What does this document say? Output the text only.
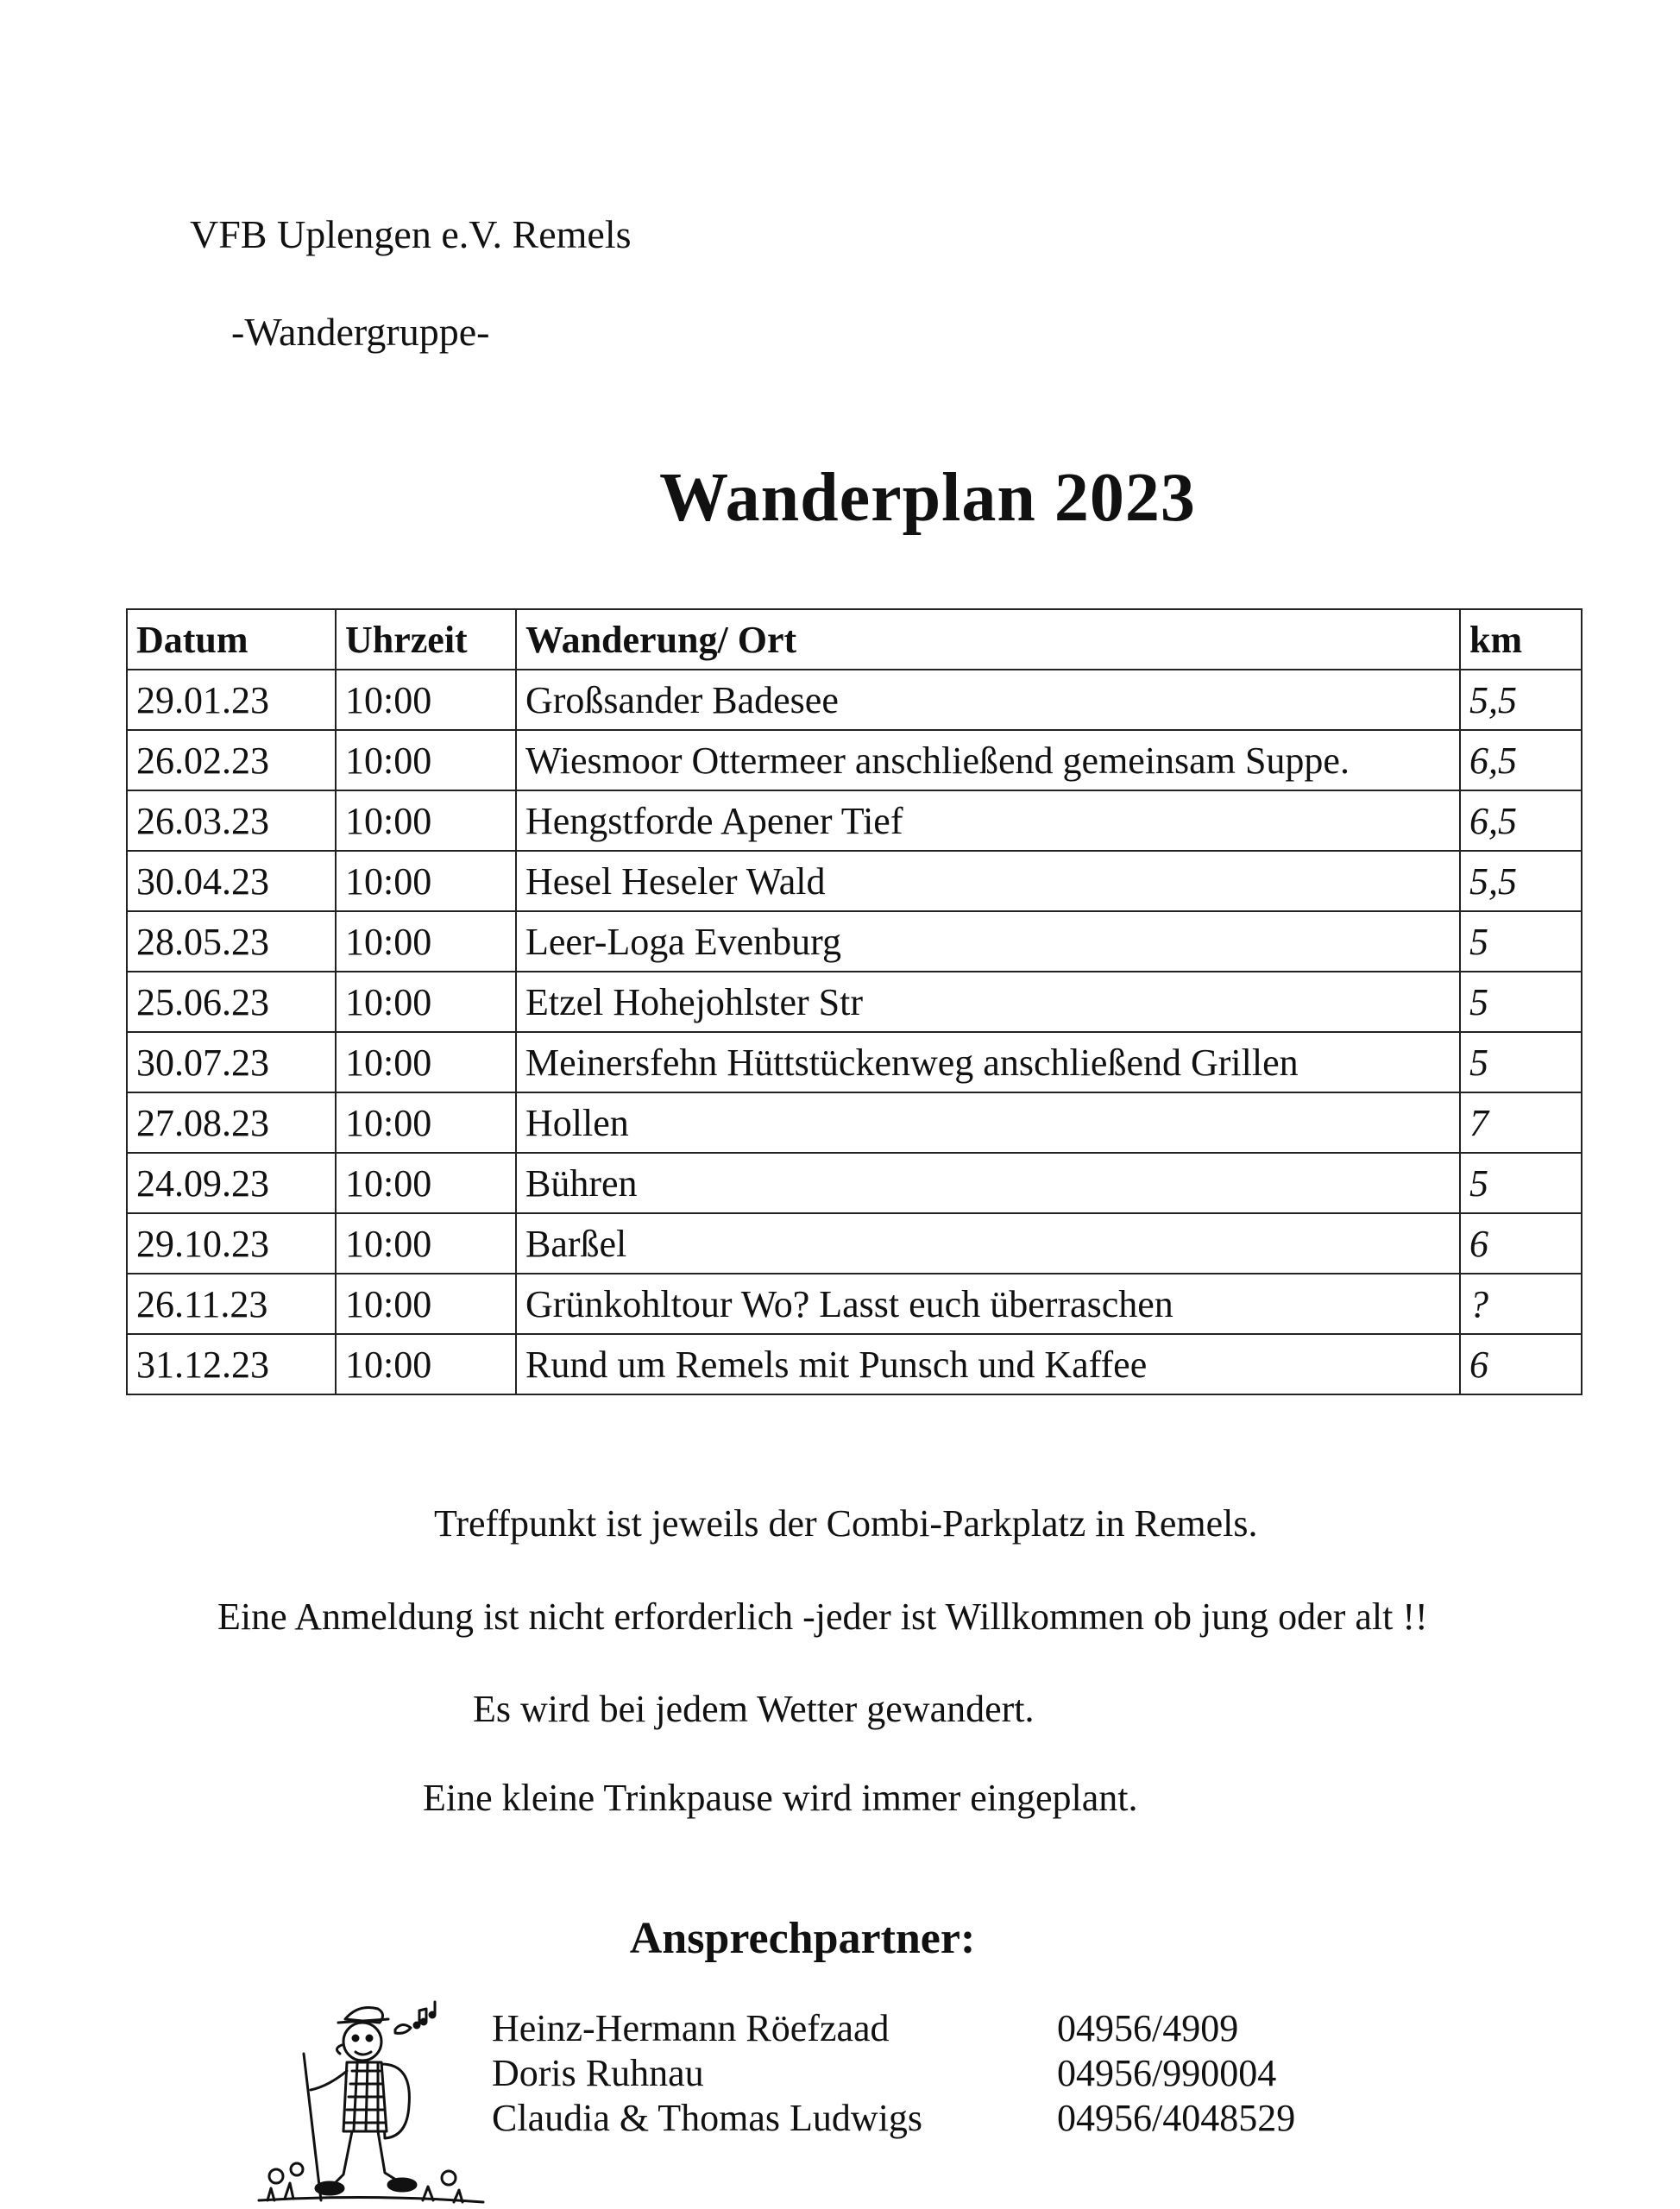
VFB Uplengen e.V. Remels
-Wandergruppe-
Wanderplan 2023
Datum	Uhrzeit	Wanderung/ Ort	km
29.01.23	10:00	Großsander Badesee	5,5
26.02.23	10:00	Wiesmoor Ottermeer anschließend gemeinsam Suppe.	6,5
26.03.23	10:00	Hengstforde Apener Tief	6,5
30.04.23	10:00	Hesel Heseler Wald	5,5
28.05.23	10:00	Leer-Loga Evenburg	5
25.06.23	10:00	Etzel Hohejohlster Str	5
30.07.23	10:00	Meinersfehn Hüttstückenweg anschließend Grillen	5
27.08.23	10:00	Hollen	7
24.09.23	10:00	Bühren	5
29.10.23	10:00	Barßel	6
26.11.23	10:00	Grünkohltour Wo? Lasst euch überraschen	?
31.12.23	10:00	Rund um Remels mit Punsch und Kaffee	6
Treffpunkt ist jeweils der Combi-Parkplatz in Remels.
Eine Anmeldung ist nicht erforderlich -jeder ist Willkommen ob jung oder alt !!
Es wird bei jedem Wetter gewandert.
Eine kleine Trinkpause wird immer eingeplant.
Ansprechpartner:
Heinz-Hermann Röefzaad	04956/4909
Doris Ruhnau	04956/990004
Claudia & Thomas Ludwigs	04956/4048529
